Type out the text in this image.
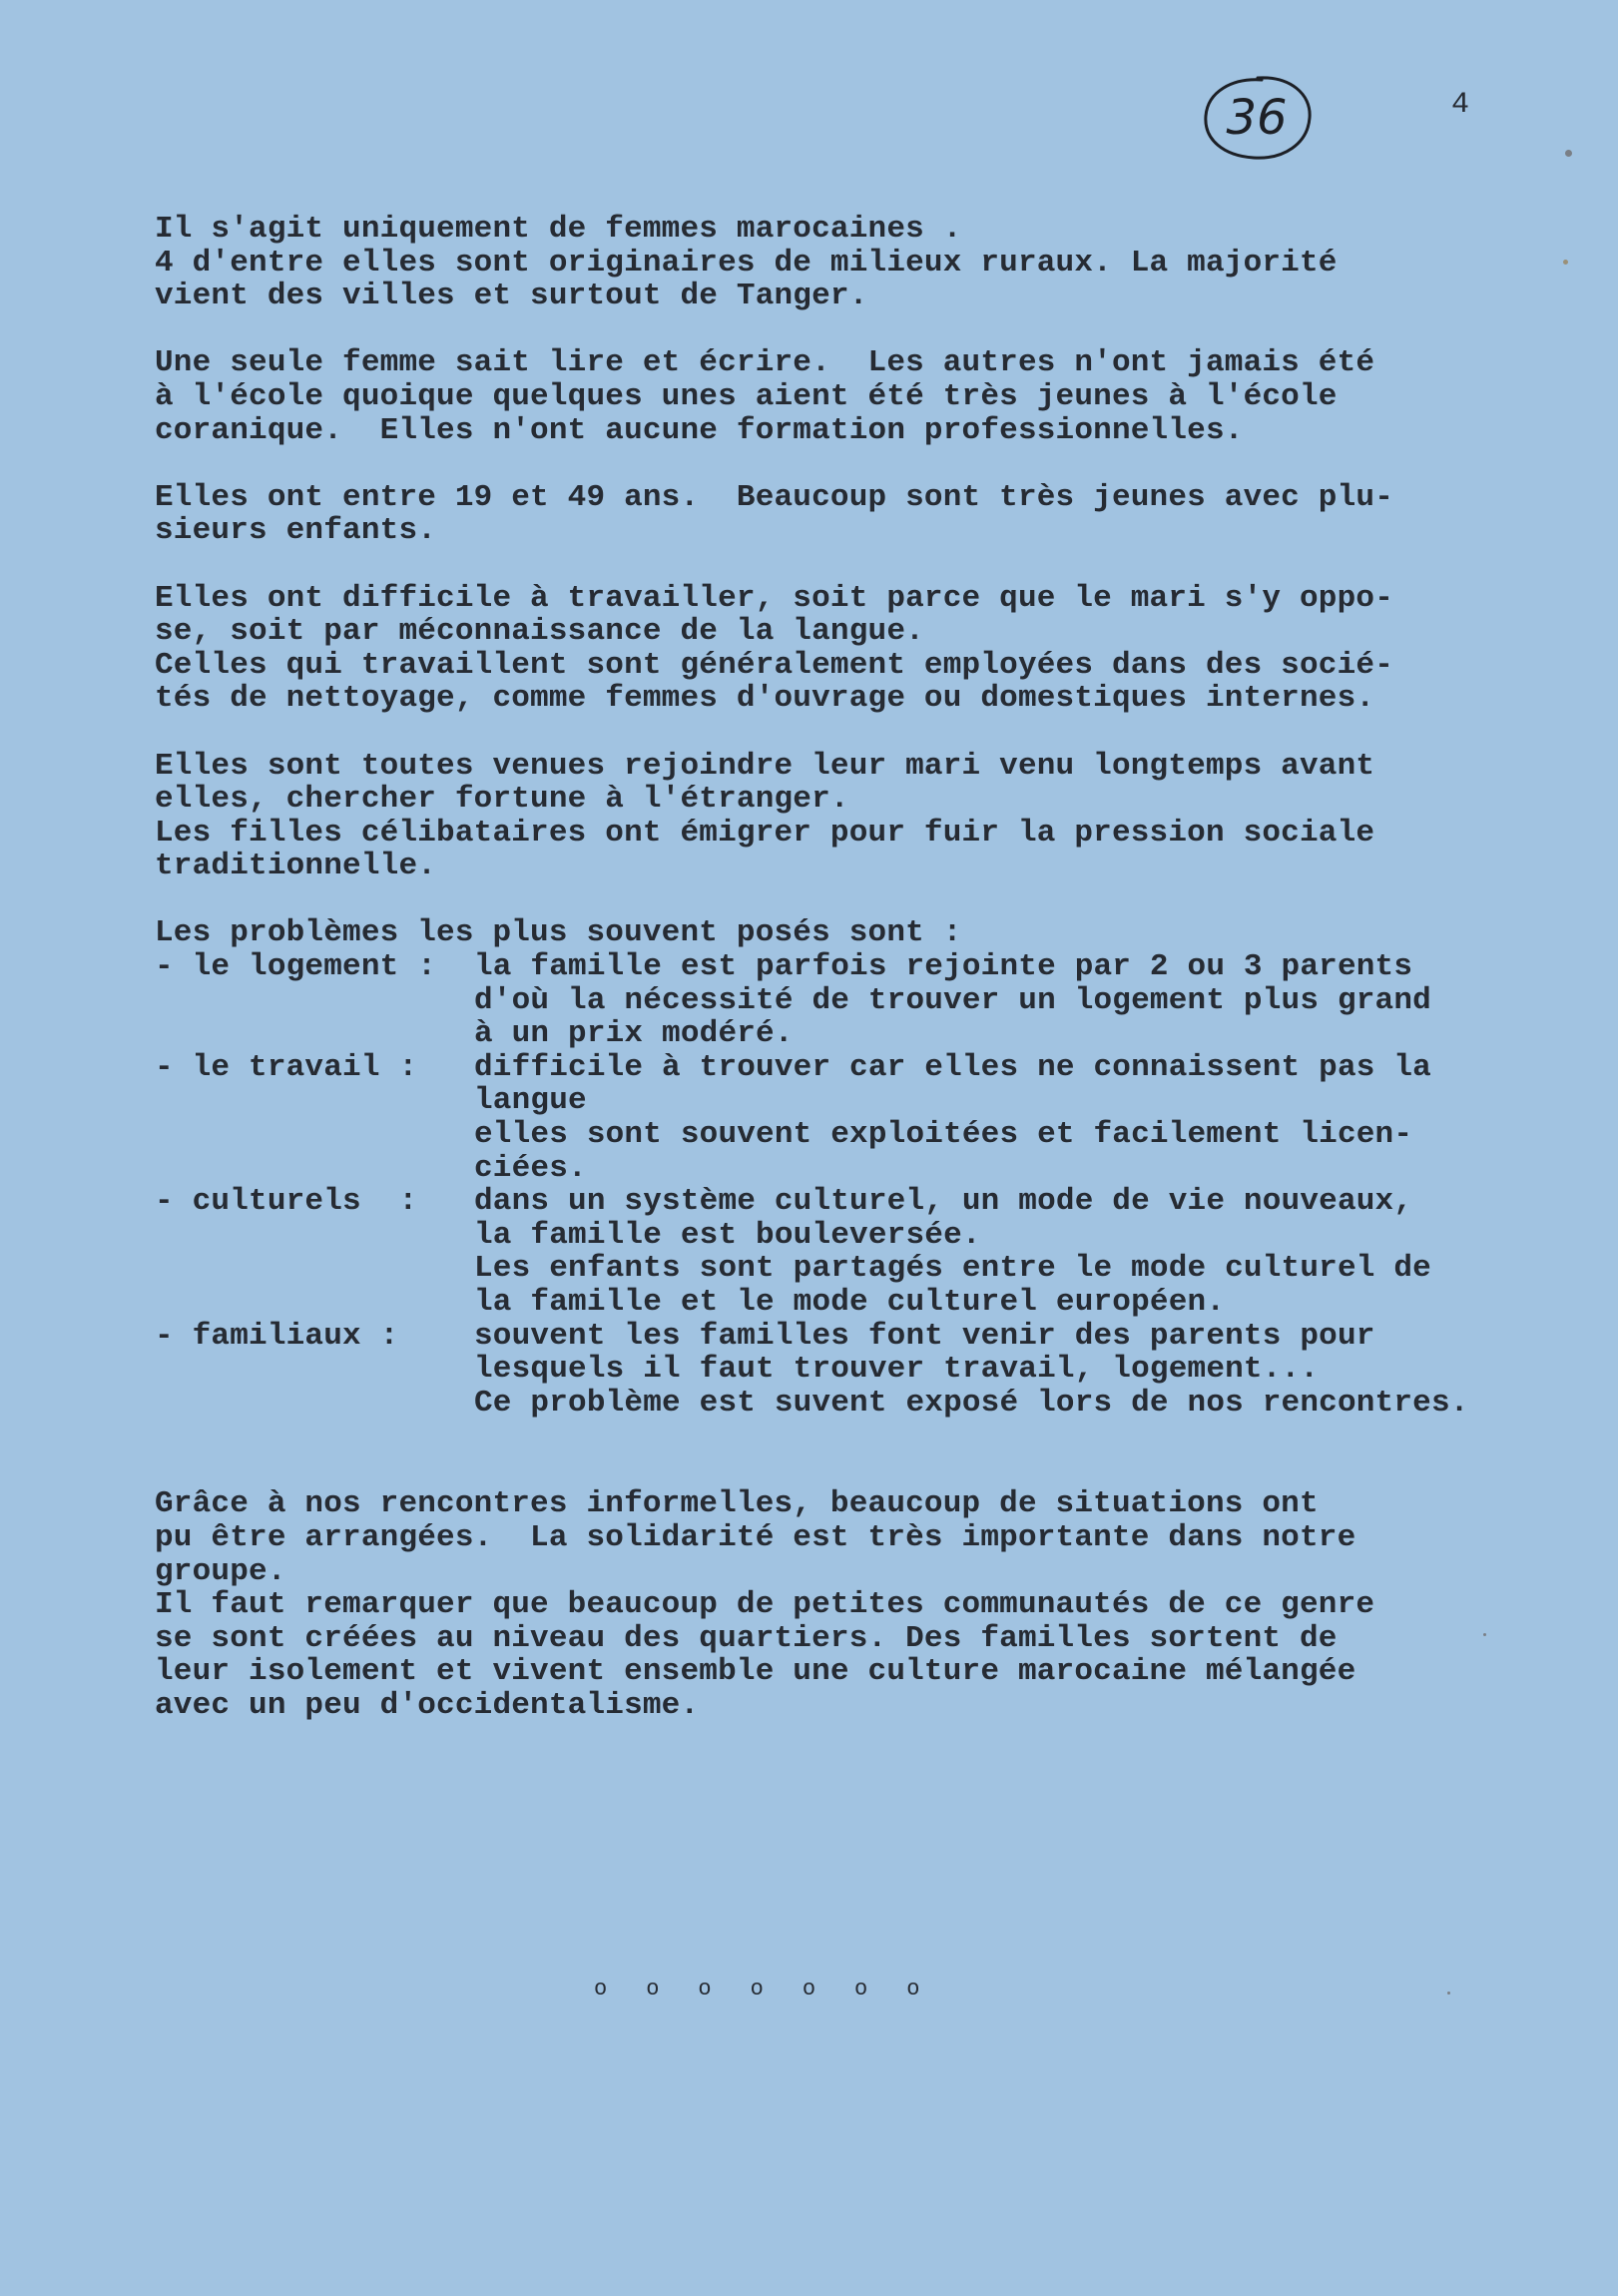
36	4
Il s'agit uniquement de femmes marocaines .
4 d'entre elles sont originaires de milieux ruraux. La majorité
vient des villes et surtout de Tanger.
Une seule femme sait lire et écrire.  Les autres n'ont jamais été
à l'école quoique quelques unes aient été très jeunes à l'école
coranique.  Elles n'ont aucune formation professionnelles.
Elles ont entre 19 et 49 ans.  Beaucoup sont très jeunes avec plu-
sieurs enfants.
Elles ont difficile à travailler, soit parce que le mari s'y oppo-
se, soit par méconnaissance de la langue.
Celles qui travaillent sont généralement employées dans des socié-
tés de nettoyage, comme femmes d'ouvrage ou domestiques internes.
Elles sont toutes venues rejoindre leur mari venu longtemps avant
elles, chercher fortune à l'étranger.
Les filles célibataires ont émigrer pour fuir la pression sociale
traditionnelle.
Les problèmes les plus souvent posés sont :
- le logement :	la famille est parfois rejointe par 2 ou 3 parents
d'où la nécessité de trouver un logement plus grand
à un prix modéré.
- le travail :	difficile à trouver car elles ne connaissent pas la
langue
elles sont souvent exploitées et facilement licen-
ciées.
- culturels  :	dans un système culturel, un mode de vie nouveaux,
la famille est bouleversée.
Les enfants sont partagés entre le mode culturel de
la famille et le mode culturel européen.
- familiaux :	souvent les familles font venir des parents pour
lesquels il faut trouver travail, logement...
Ce problème est suvent exposé lors de nos rencontres.
Grâce à nos rencontres informelles, beaucoup de situations ont
pu être arrangées.  La solidarité est très importante dans notre
groupe.
Il faut remarquer que beaucoup de petites communautés de ce genre
se sont créées au niveau des quartiers. Des familles sortent de
leur isolement et vivent ensemble une culture marocaine mélangée
avec un peu d'occidentalisme.
o o o o o o o
